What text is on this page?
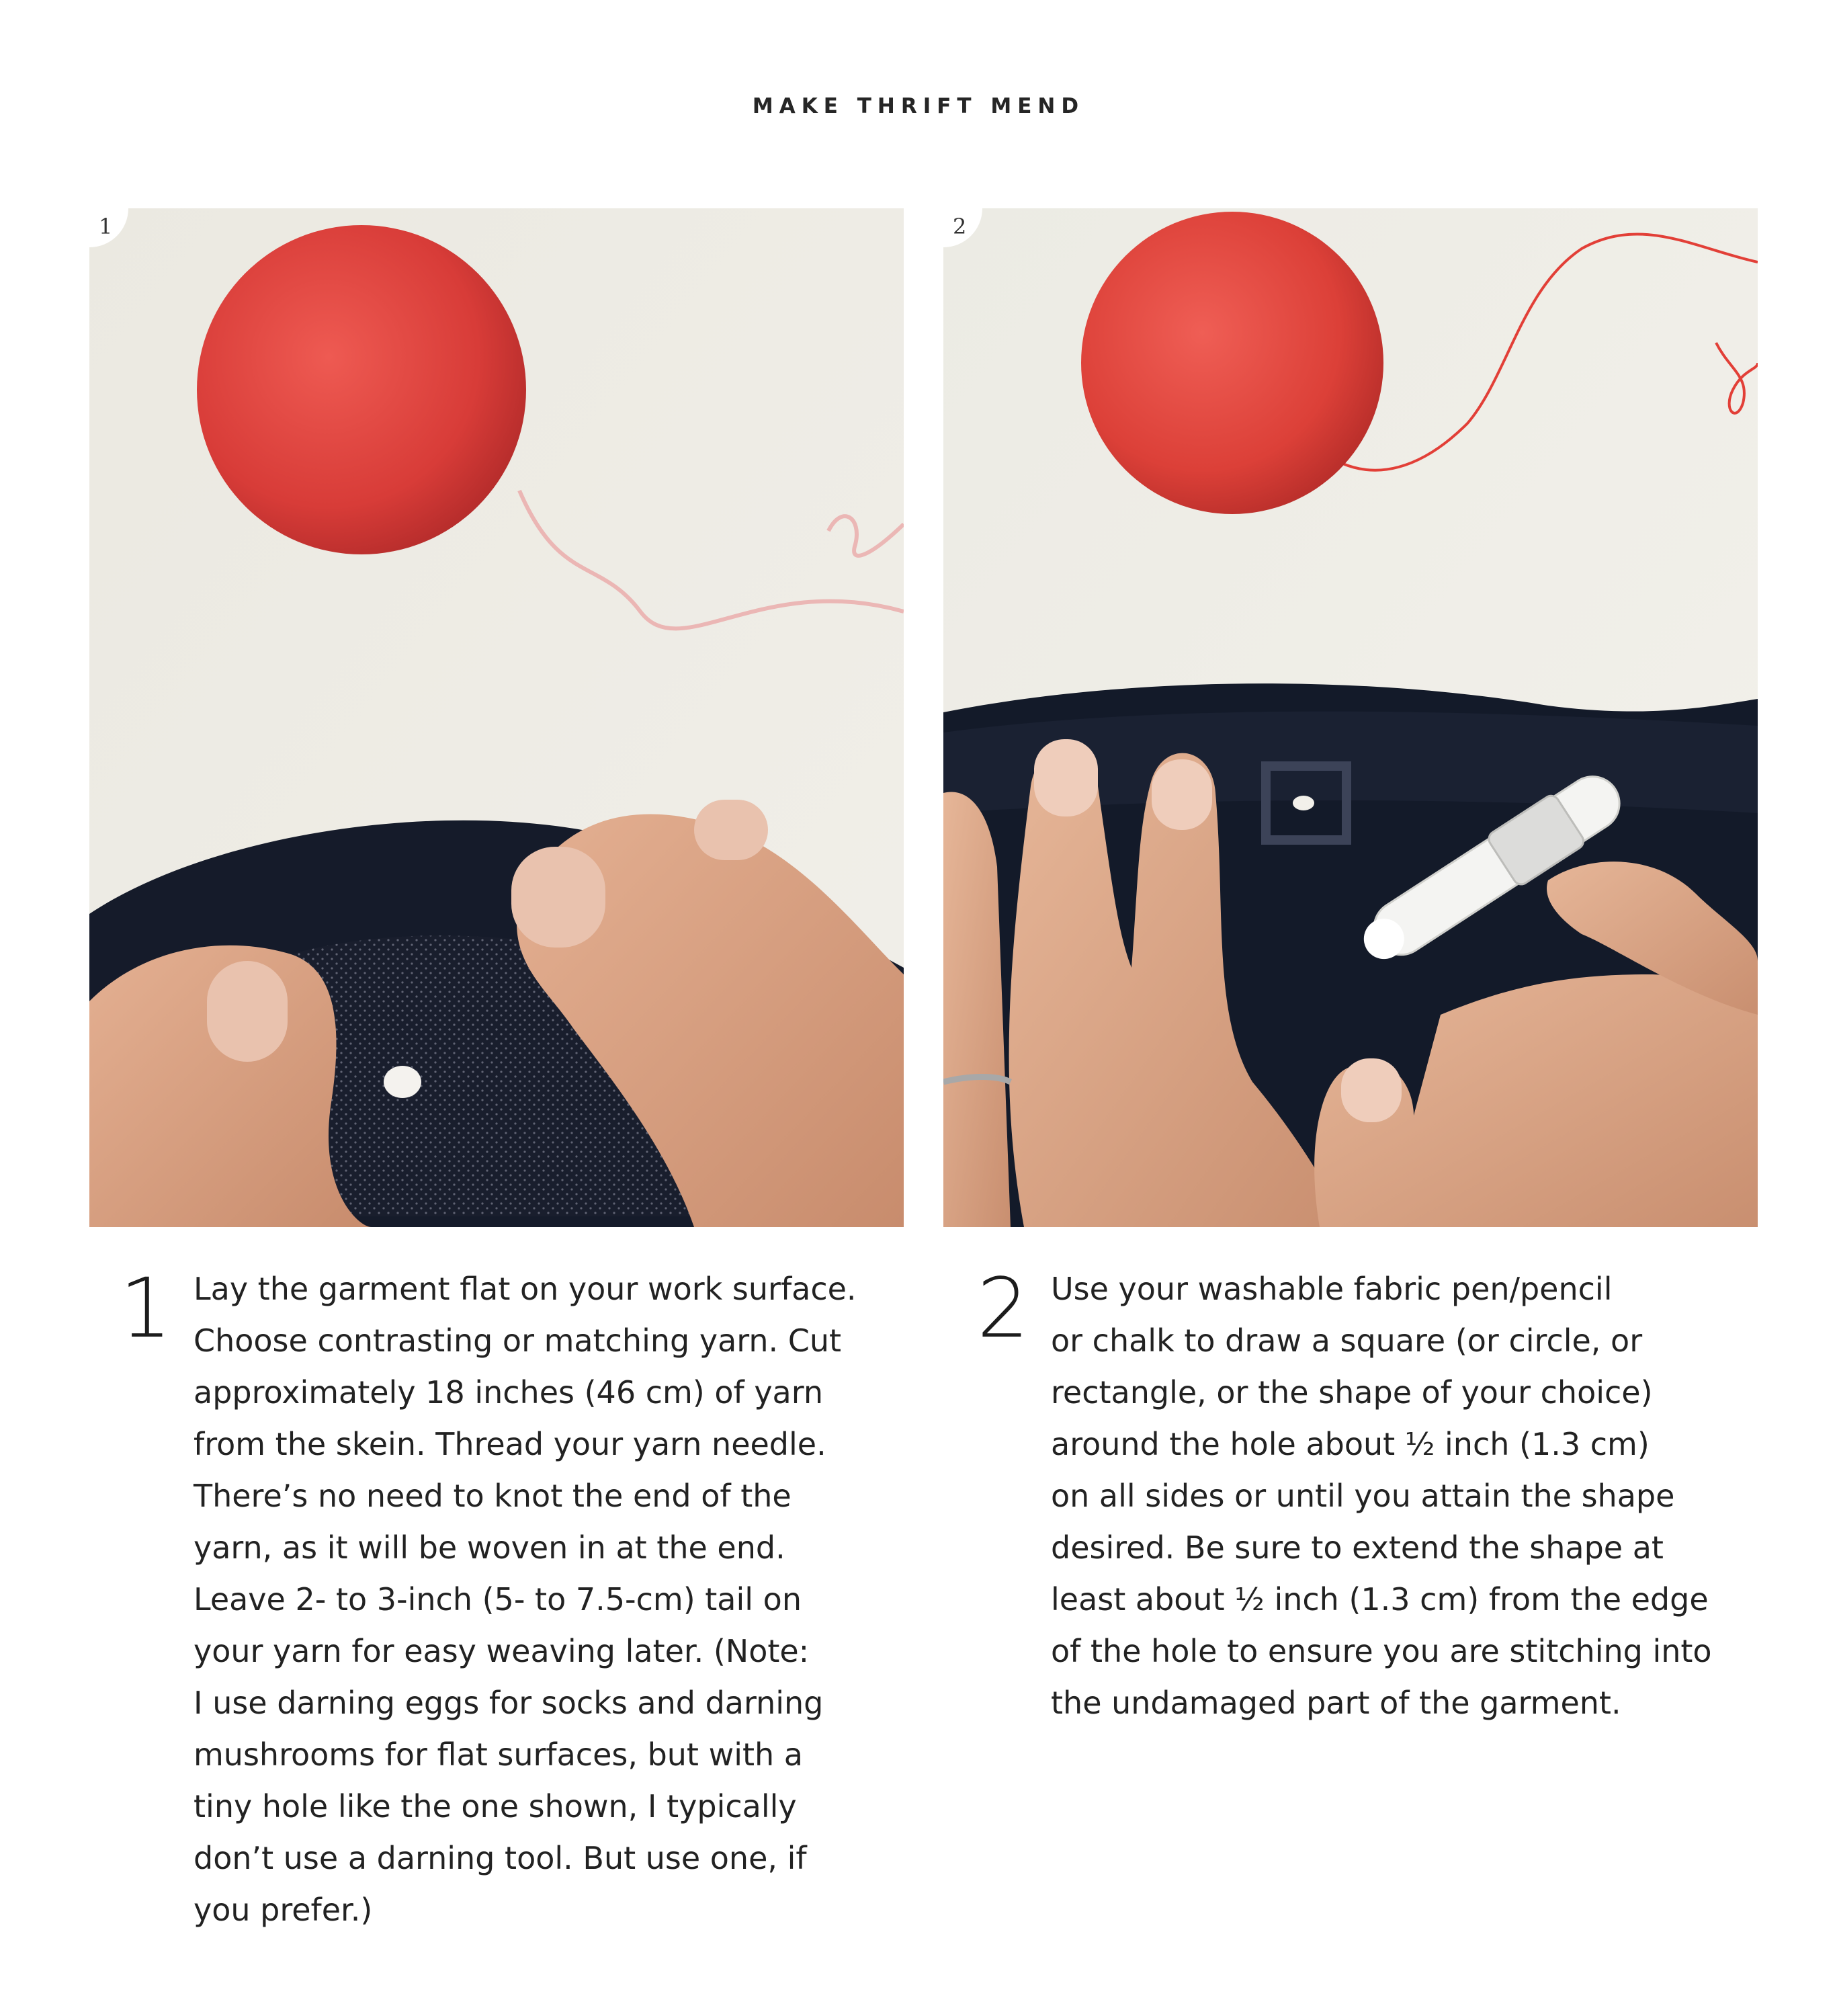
MAKE THRIFT MEND
1	2
1 Lay the garment flat on your work surface.
Choose contrasting or matching yarn. Cut
approximately 18 inches (46 cm) of yarn
from the skein. Thread your yarn needle.
There’s no need to knot the end of the
yarn, as it will be woven in at the end.
Leave 2- to 3-inch (5- to 7.5-cm) tail on
your yarn for easy weaving later. (Note:
I use darning eggs for socks and darning
mushrooms for flat surfaces, but with a
tiny hole like the one shown, I typically
don’t use a darning tool. But use one, if
you prefer.)

2 Use your washable fabric pen/pencil
or chalk to draw a square (or circle, or
rectangle, or the shape of your choice)
around the hole about ½ inch (1.3 cm)
on all sides or until you attain the shape
desired. Be sure to extend the shape at
least about ½ inch (1.3 cm) from the edge
of the hole to ensure you are stitching into
the undamaged part of the garment.
